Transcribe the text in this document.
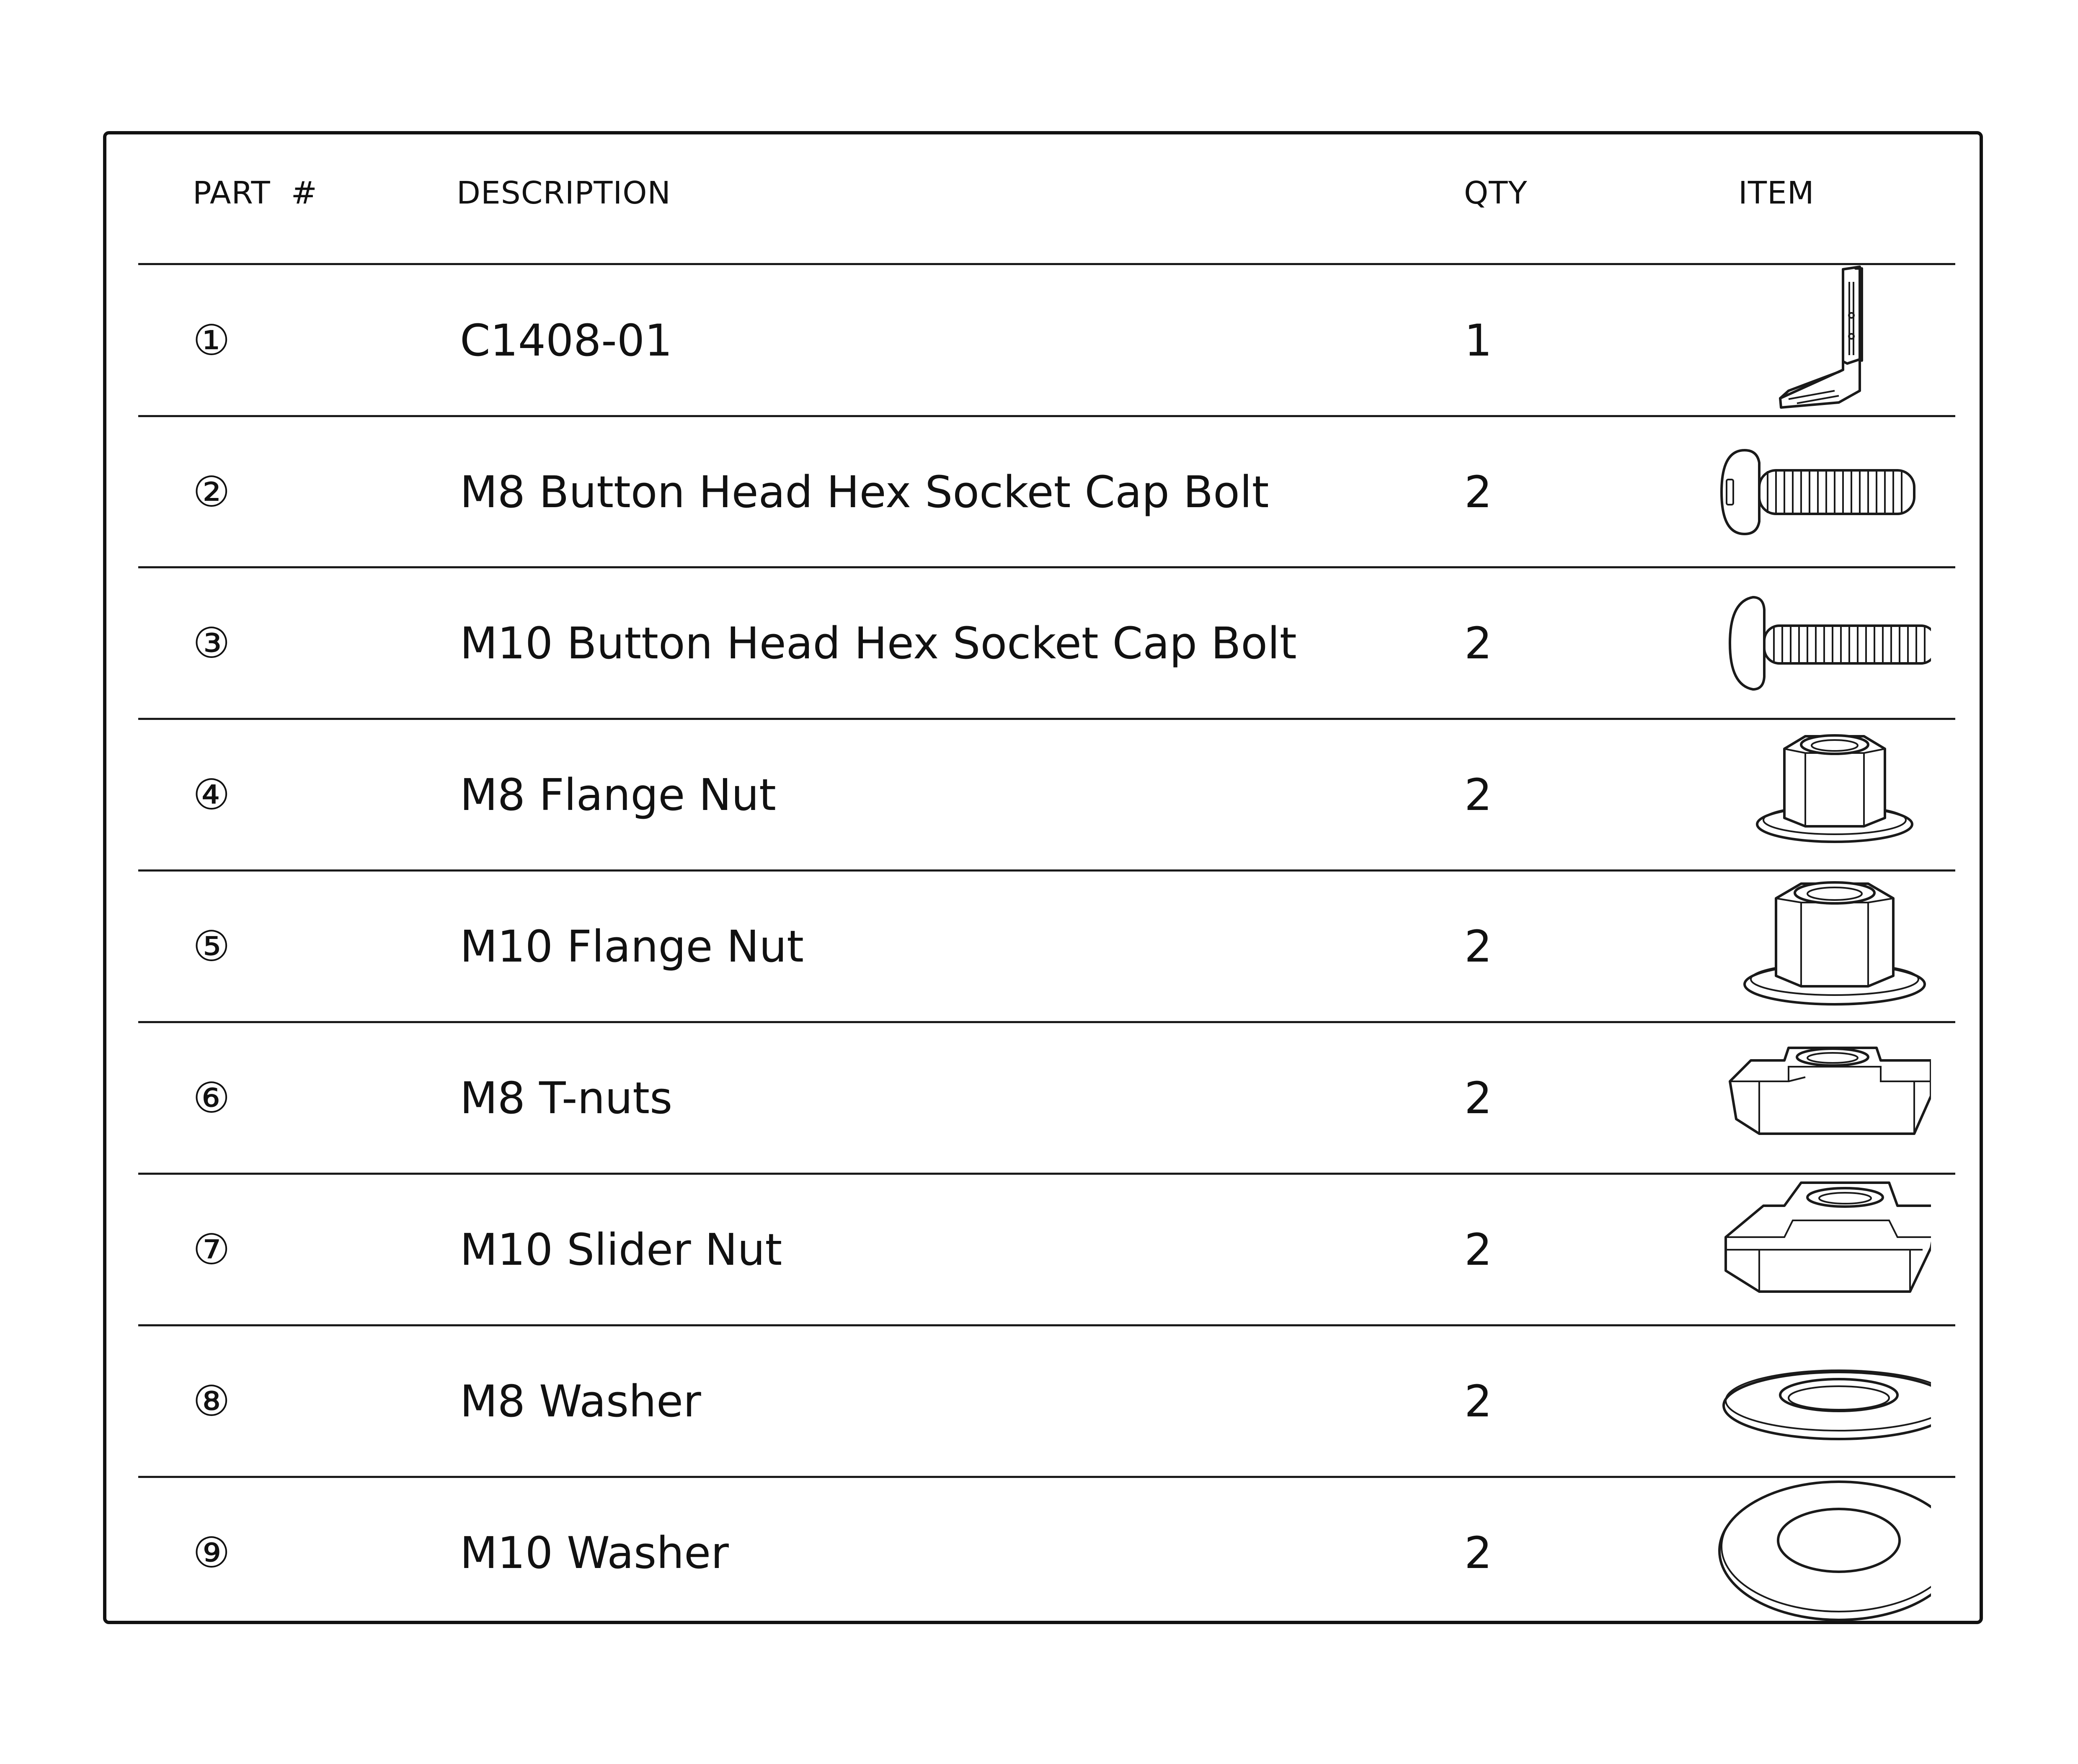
PART  #	DESCRIPTION	QTY	ITEM
①	C1408-01	1
②	M8 Button Head Hex Socket Cap Bolt	2
③	M10 Button Head Hex Socket Cap Bolt	2
④	M8 Flange Nut	2
⑤	M10 Flange Nut	2
⑥	M8 T-nuts	2
⑦	M10 Slider Nut	2
⑧	M8 Washer	2
⑨	M10 Washer	2
